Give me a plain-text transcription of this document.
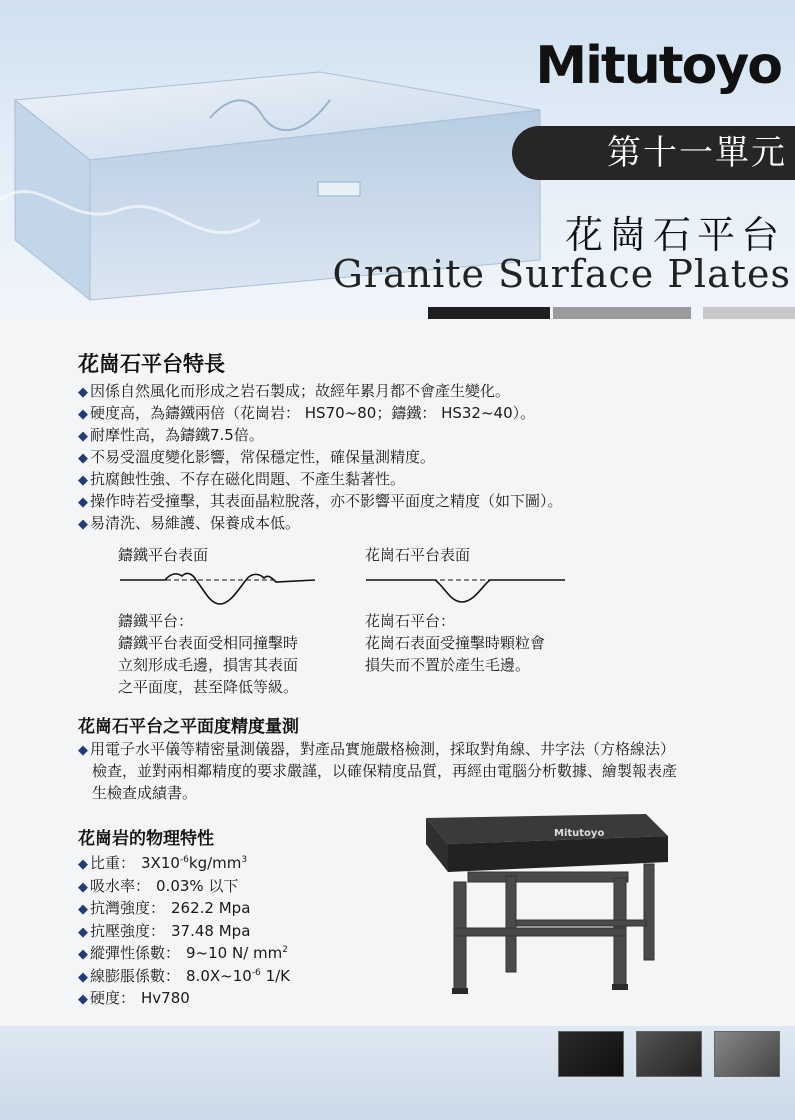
Mitutoyo
第十一單元
花崗石平台
Granite Surface Plates
花崗石平台特長
◆ 因係自然風化而形成之岩石製成；故經年累月都不會產生變化。
◆ 硬度高，為鑄鐵兩倍（花崗岩： HS70~80；鑄鐵： HS32~40）。
◆ 耐摩性高，為鑄鐵7.5倍。
◆ 不易受溫度變化影響，常保穩定性，確保量測精度。
◆ 抗腐蝕性強、不存在磁化問題、不產生黏著性。
◆ 操作時若受撞擊，其表面晶粒脫落，亦不影響平面度之精度（如下圖）。
◆ 易清洗、易維護、保養成本低。
鑄鐵平台表面	花崗石平台表面
鑄鐵平台：
鑄鐵平台表面受相同撞擊時
立刻形成毛邊，損害其表面
之平面度，甚至降低等級。
花崗石平台：
花崗石表面受撞擊時顆粒會
損失而不置於產生毛邊。
花崗石平台之平面度精度量測
◆ 用電子水平儀等精密量測儀器，對產品實施嚴格檢測，採取對角線、井字法（方格線法）
檢查，並對兩相鄰精度的要求嚴謹，以確保精度品質，再經由電腦分析數據、繪製報表產
生檢查成績書。
花崗岩的物理特性
◆ 比重： $3X10^{-6}kg/mm^3$
◆ 吸水率： 0.03% 以下
◆ 抗灣強度： 262.2 Mpa
◆ 抗壓強度： 37.48 Mpa
◆ 縱彈性係數： 9~10 N/ $mm^2$
◆ 線膨脹係數： $8.0X\sim 10^{-6}$ 1/K
◆ 硬度： Hv780
Mitutoyo
